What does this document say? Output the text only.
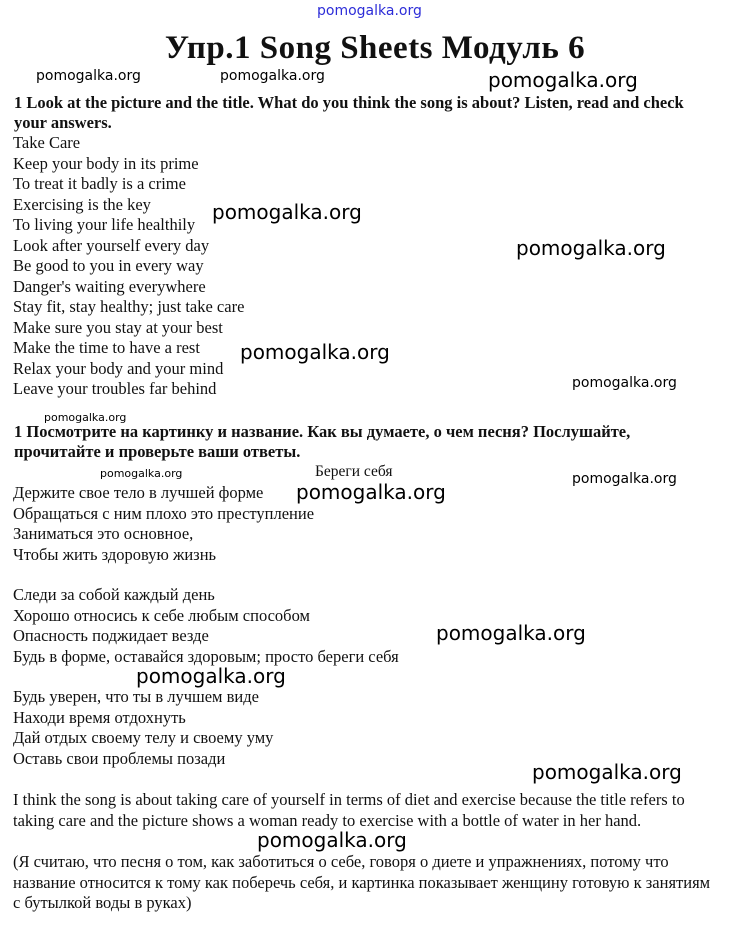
pomogalka.org
Упр.1 Song Sheets Модуль 6
pomogalka.org	pomogalka.org	pomogalka.org
1 Look at the picture and the title. What do you think the song is about? Listen, read and check your answers.
Take Care
Keep your body in its prime
To treat it badly is a crime
Exercising is the key
To living your life healthily
Look after yourself every day
Be good to you in every way
Danger's waiting everywhere
Stay fit, stay healthy; just take care
Make sure you stay at your best
Make the time to have a rest
Relax your body and your mind
Leave your troubles far behind
pomogalka.org
pomogalka.org
pomogalka.org
pomogalka.org
pomogalka.org
1 Посмотрите на картинку и название. Как вы думаете, о чем песня? Послушайте, прочитайте и проверьте ваши ответы.
Береги себя
pomogalka.org	pomogalka.org
Держите свое тело в лучшей форме
Обращаться с ним плохо это преступление
Заниматься это основное,
Чтобы жить здоровую жизнь
pomogalka.org
Следи за собой каждый день
Хорошо относись к себе любым способом
Опасность поджидает везде
Будь в форме, оставайся здоровым; просто береги себя
pomogalka.org
pomogalka.org
Будь уверен, что ты в лучшем виде
Находи время отдохнуть
Дай отдых своему телу и своему уму
Оставь свои проблемы позади
pomogalka.org
I think the song is about taking care of yourself in terms of diet and exercise because the title refers to taking care and the picture shows a woman ready to exercise with a bottle of water in her hand.
pomogalka.org
(Я считаю, что песня о том, как заботиться о себе, говоря о диете и упражнениях, потому что название относится к тому как поберечь себя, и картинка показывает женщину готовую к занятиям с бутылкой воды в руках)
